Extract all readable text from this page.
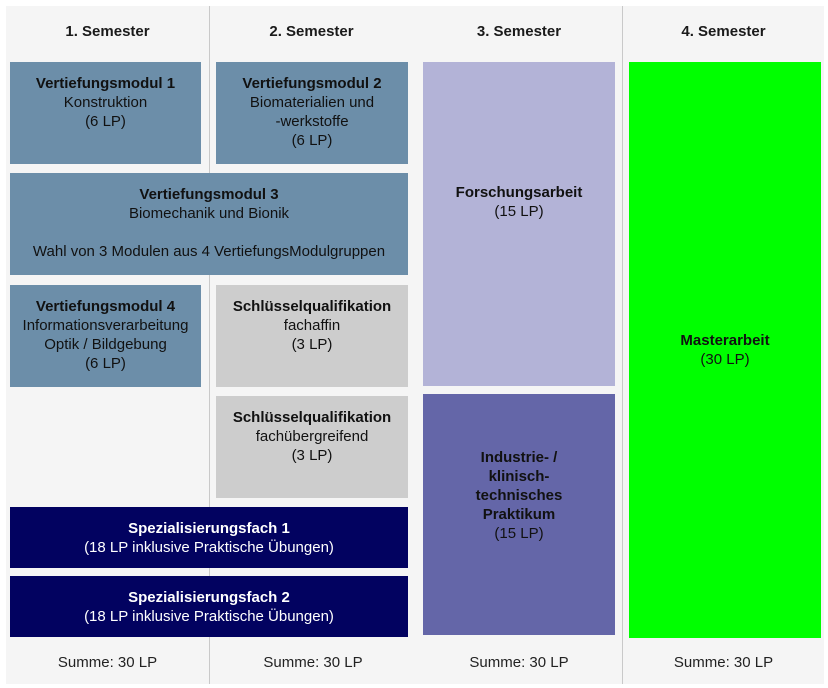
1. Semester	2. Semester	3. Semester	4. Semester
Vertiefungsmodul 1
Konstruktion
(6 LP)
Vertiefungsmodul 2
Biomaterialien und
-werkstoffe
(6 LP)
Vertiefungsmodul 3
Biomechanik und Bionik
Wahl von 3 Modulen aus 4 VertiefungsModulgruppen
Vertiefungsmodul 4
Informationsverarbeitung
Optik / Bildgebung
(6 LP)
Schlüsselqualifikation
fachaffin
(3 LP)
Schlüsselqualifikation
fachübergreifend
(3 LP)
Spezialisierungsfach 1
(18 LP inklusive Praktische Übungen)
Spezialisierungsfach 2
(18 LP inklusive Praktische Übungen)
Forschungsarbeit
(15 LP)
Industrie- /
klinisch-
technisches
Praktikum
(15 LP)
Masterarbeit
(30 LP)
Summe: 30 LP	Summe: 30 LP	Summe: 30 LP	Summe: 30 LP
